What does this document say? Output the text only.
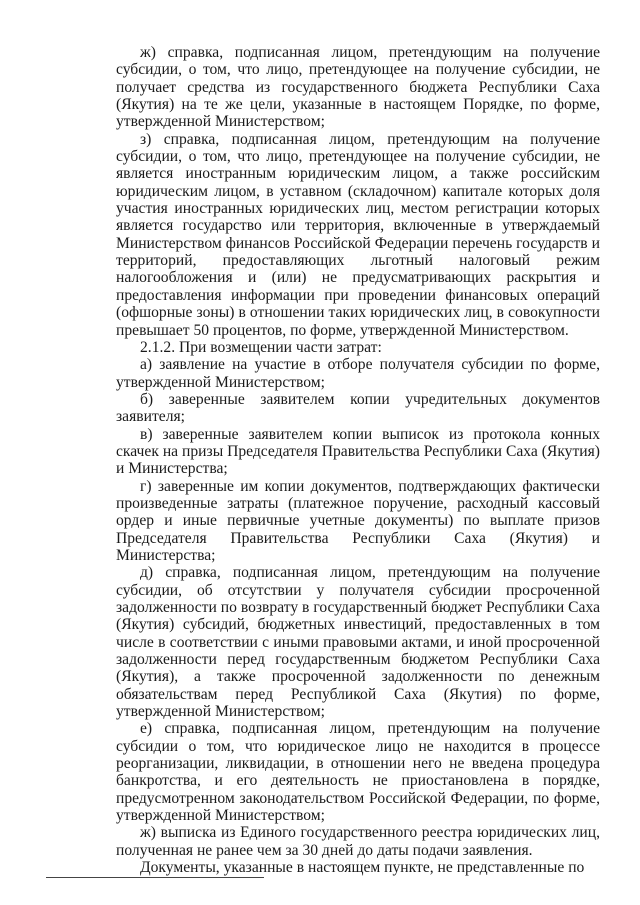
ж) справка, подписанная лицом, претендующим на получение субсидии, о том, что лицо, претендующее на получение субсидии, не получает средства из государственного бюджета Республики Саха (Якутия) на те же цели, указанные в настоящем Порядке, по форме, утвержденной Министерством;

з) справка, подписанная лицом, претендующим на получение субсидии, о том, что лицо, претендующее на получение субсидии, не является иностранным юридическим лицом, а также российским юридическим лицом, в уставном (складочном) капитале которых доля участия иностранных юридических лиц, местом регистрации которых является государство или территория, включенные в утверждаемый Министерством финансов Российской Федерации перечень государств и территорий, предоставляющих льготный налоговый режим налогообложения и (или) не предусматривающих раскрытия и предоставления информации при проведении финансовых операций (офшорные зоны) в отношении таких юридических лиц, в совокупности превышает 50 процентов, по форме, утвержденной Министерством.

2.1.2. При возмещении части затрат:

а) заявление на участие в отборе получателя субсидии по форме, утвержденной Министерством;

б) заверенные заявителем копии учредительных документов заявителя;

в) заверенные заявителем копии выписок из протокола конных скачек на призы Председателя Правительства Республики Саха (Якутия) и Министерства;

г) заверенные им копии документов, подтверждающих фактически произведенные затраты (платежное поручение, расходный кассовый ордер и иные первичные учетные документы) по выплате призов Председателя Правительства Республики Саха (Якутия) и Министерства;

д) справка, подписанная лицом, претендующим на получение субсидии, об отсутствии у получателя субсидии просроченной задолженности по возврату в государственный бюджет Республики Саха (Якутия) субсидий, бюджетных инвестиций, предоставленных в том числе в соответствии с иными правовыми актами, и иной просроченной задолженности перед государственным бюджетом Республики Саха (Якутия), а также просроченной задолженности по денежным обязательствам перед Республикой Саха (Якутия) по форме, утвержденной Министерством;

е) справка, подписанная лицом, претендующим на получение субсидии о том, что юридическое лицо не находится в процессе реорганизации, ликвидации, в отношении него не введена процедура банкротства, и его деятельность не приостановлена в порядке, предусмотренном законодательством Российской Федерации, по форме, утвержденной Министерством;

ж) выписка из Единого государственного реестра юридических лиц, полученная не ранее чем за 30 дней до даты подачи заявления.

Документы, указанные в настоящем пункте, не представленные по
